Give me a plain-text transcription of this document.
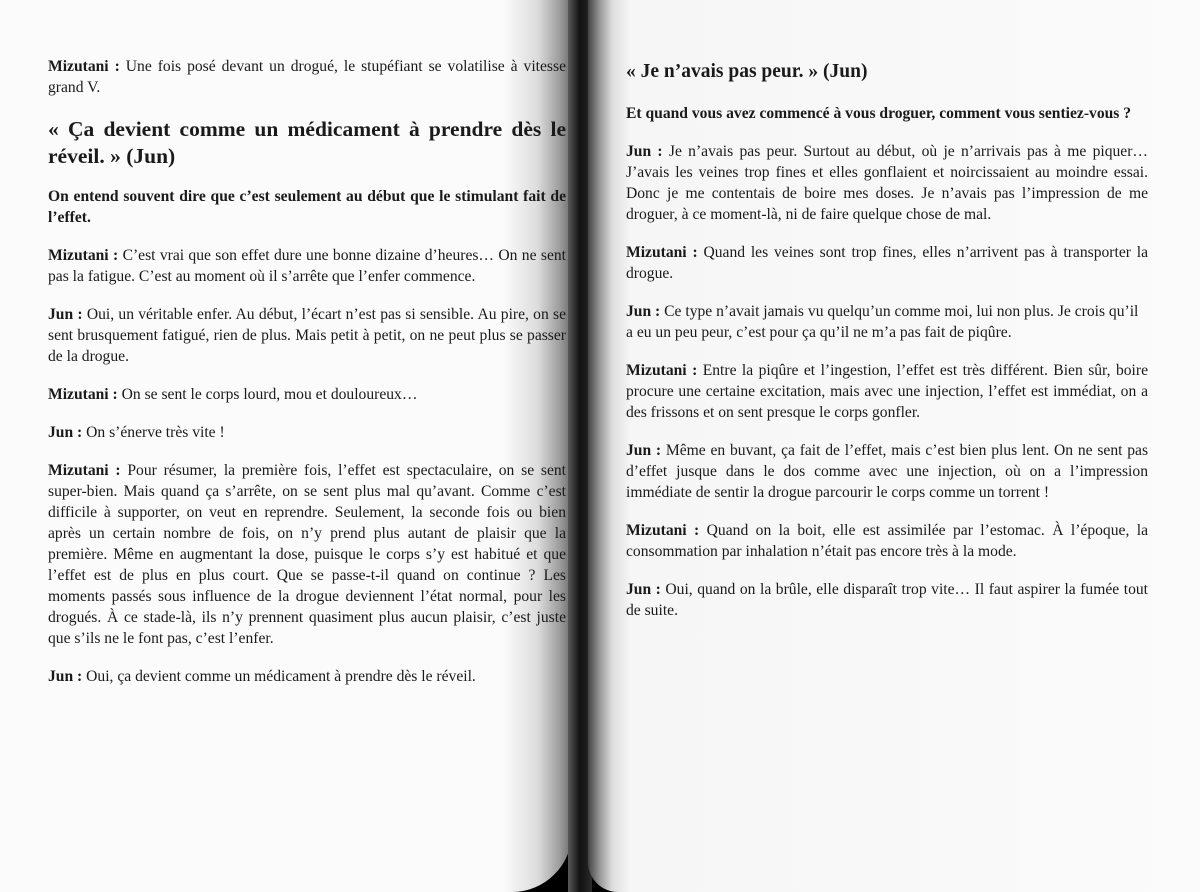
Mizutani : Une fois posé devant un drogué, le stupéfiant se volatilise à vitesse grand V.

« Ça devient comme un médicament à prendre dès le réveil. » (Jun)

On entend souvent dire que c’est seulement au début que le stimulant fait de l’effet.

Mizutani : C’est vrai que son effet dure une bonne dizaine d’heures… On ne sent pas la fatigue. C’est au moment où il s’arrête que l’enfer commence.

Jun : Oui, un véritable enfer. Au début, l’écart n’est pas si sensible. Au pire, on se sent brusquement fatigué, rien de plus. Mais petit à petit, on ne peut plus se passer de la drogue.

Mizutani : On se sent le corps lourd, mou et douloureux…

Jun : On s’énerve très vite !

Mizutani : Pour résumer, la première fois, l’effet est spectaculaire, on se sent super-bien. Mais quand ça s’arrête, on se sent plus mal qu’avant. Comme c’est difficile à supporter, on veut en reprendre. Seulement, la seconde fois ou bien après un certain nombre de fois, on n’y prend plus autant de plaisir que la première. Même en augmentant la dose, puisque le corps s’y est habitué et que l’effet est de plus en plus court. Que se passe-t-il quand on continue ? Les moments passés sous influence de la drogue deviennent l’état normal, pour les drogués. À ce stade-là, ils n’y prennent quasiment plus aucun plaisir, c’est juste que s’ils ne le font pas, c’est l’enfer.

Jun : Oui, ça devient comme un médicament à prendre dès le réveil.

« Je n’avais pas peur. » (Jun)

Et quand vous avez commencé à vous droguer, comment vous sentiez-vous ?

Jun : Je n’avais pas peur. Surtout au début, où je n’arrivais pas à me piquer… J’avais les veines trop fines et elles gonflaient et noircissaient au moindre essai. Donc je me contentais de boire mes doses. Je n’avais pas l’impression de me droguer, à ce moment-là, ni de faire quelque chose de mal.

Mizutani : Quand les veines sont trop fines, elles n’arrivent pas à transporter la drogue.

Jun : Ce type n’avait jamais vu quelqu’un comme moi, lui non plus. Je crois qu’il a eu un peu peur, c’est pour ça qu’il ne m’a pas fait de piqûre.

Mizutani : Entre la piqûre et l’ingestion, l’effet est très différent. Bien sûr, boire procure une certaine excitation, mais avec une injection, l’effet est immédiat, on a des frissons et on sent presque le corps gonfler.

Jun : Même en buvant, ça fait de l’effet, mais c’est bien plus lent. On ne sent pas d’effet jusque dans le dos comme avec une injection, où on a l’impression immédiate de sentir la drogue parcourir le corps comme un torrent !

Mizutani : Quand on la boit, elle est assimilée par l’estomac. À l’époque, la consommation par inhalation n’était pas encore très à la mode.

Jun : Oui, quand on la brûle, elle disparaît trop vite… Il faut aspirer la fumée tout de suite.
